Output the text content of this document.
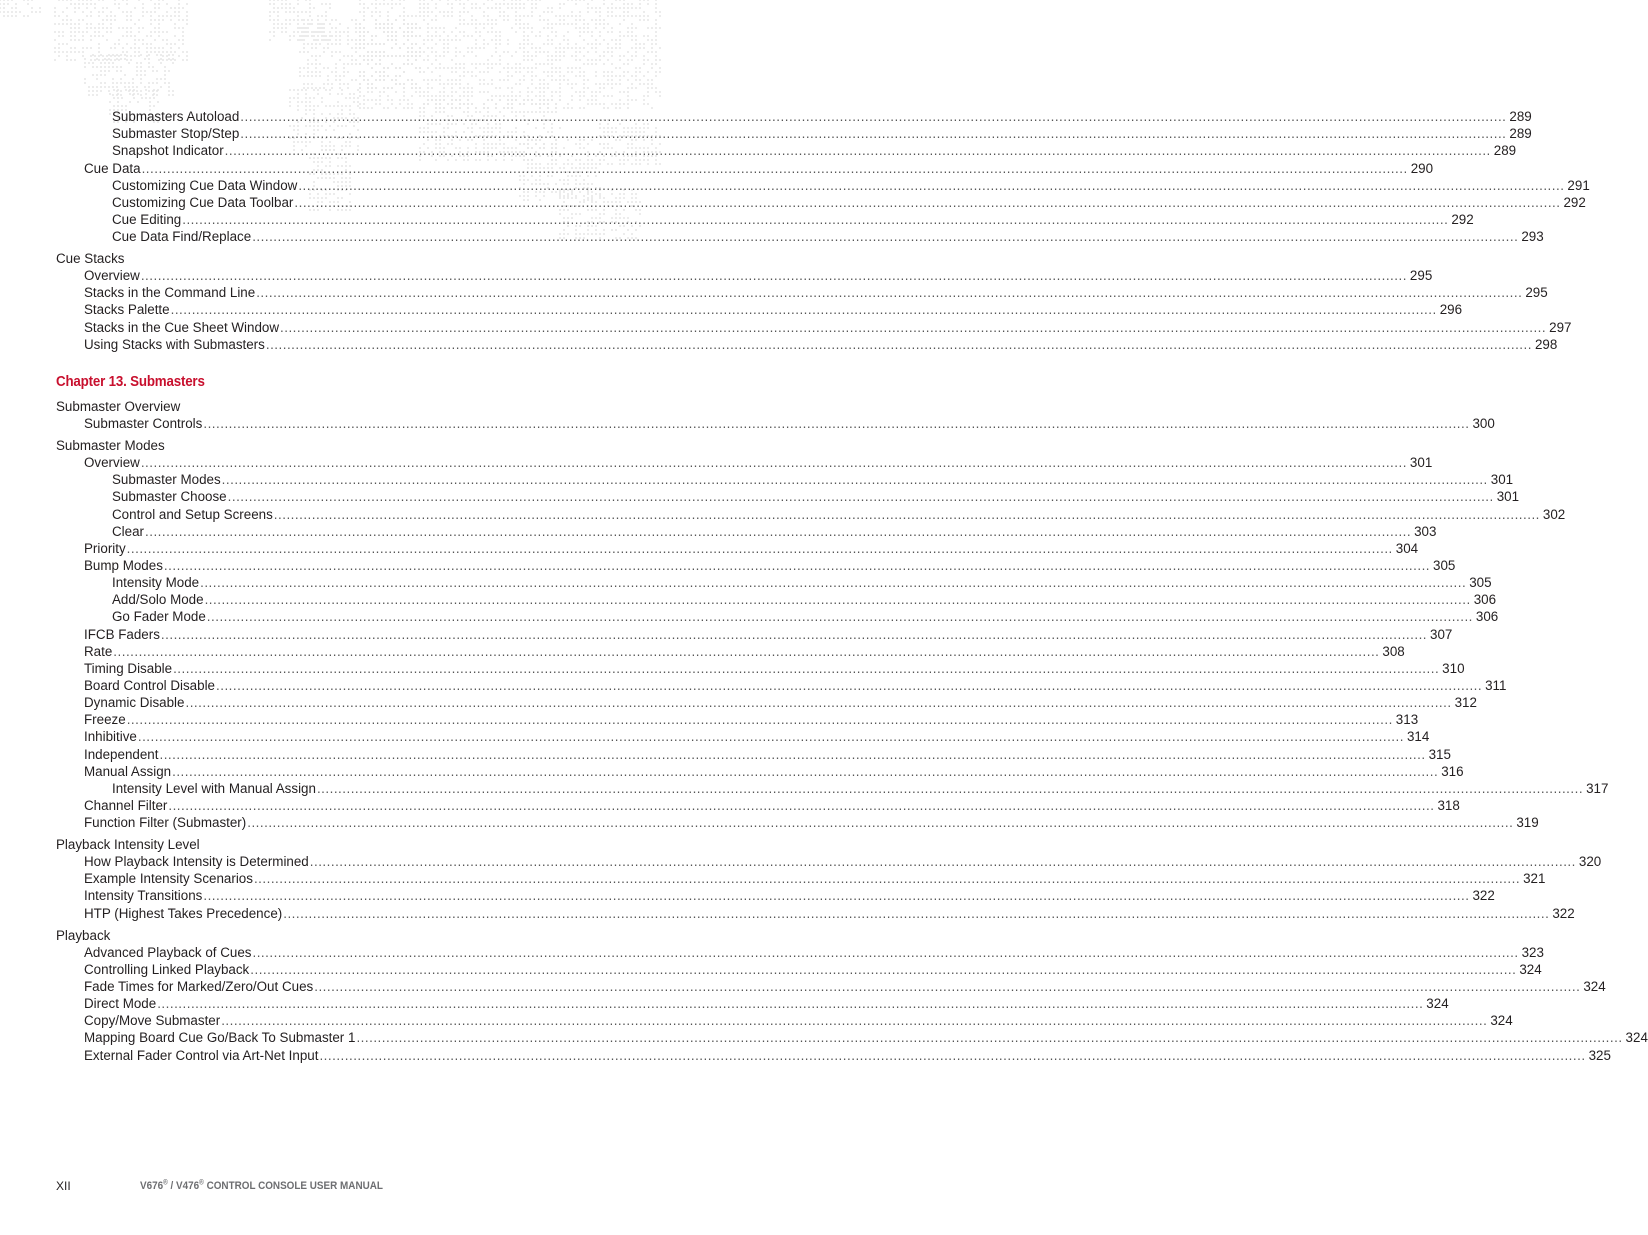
Submasters Autoload ............................................................................................................................................................................................................................................................................................................ 289
Submaster Stop/Step ............................................................................................................................................................................................................................................................................................................ 289
Snapshot Indicator ............................................................................................................................................................................................................................................................................................................ 289
Cue Data ............................................................................................................................................................................................................................................................................................................ 290
Customizing Cue Data Window ............................................................................................................................................................................................................................................................................................................ 291
Customizing Cue Data Toolbar ............................................................................................................................................................................................................................................................................................................ 292
Cue Editing ............................................................................................................................................................................................................................................................................................................ 292
Cue Data Find/Replace ............................................................................................................................................................................................................................................................................................................ 293
Cue Stacks
Overview ............................................................................................................................................................................................................................................................................................................ 295
Stacks in the Command Line ............................................................................................................................................................................................................................................................................................................ 295
Stacks Palette ............................................................................................................................................................................................................................................................................................................ 296
Stacks in the Cue Sheet Window ............................................................................................................................................................................................................................................................................................................ 297
Using Stacks with Submasters ............................................................................................................................................................................................................................................................................................................ 298
Chapter 13. Submasters
Submaster Overview
Submaster Controls ............................................................................................................................................................................................................................................................................................................ 300
Submaster Modes
Overview ............................................................................................................................................................................................................................................................................................................ 301
Submaster Modes ............................................................................................................................................................................................................................................................................................................ 301
Submaster Choose ............................................................................................................................................................................................................................................................................................................ 301
Control and Setup Screens ............................................................................................................................................................................................................................................................................................................ 302
Clear ............................................................................................................................................................................................................................................................................................................ 303
Priority ............................................................................................................................................................................................................................................................................................................ 304
Bump Modes ............................................................................................................................................................................................................................................................................................................ 305
Intensity Mode ............................................................................................................................................................................................................................................................................................................ 305
Add/Solo Mode ............................................................................................................................................................................................................................................................................................................ 306
Go Fader Mode ............................................................................................................................................................................................................................................................................................................ 306
IFCB Faders ............................................................................................................................................................................................................................................................................................................ 307
Rate ............................................................................................................................................................................................................................................................................................................ 308
Timing Disable ............................................................................................................................................................................................................................................................................................................ 310
Board Control Disable ............................................................................................................................................................................................................................................................................................................ 311
Dynamic Disable ............................................................................................................................................................................................................................................................................................................ 312
Freeze ............................................................................................................................................................................................................................................................................................................ 313
Inhibitive ............................................................................................................................................................................................................................................................................................................ 314
Independent ............................................................................................................................................................................................................................................................................................................ 315
Manual Assign ............................................................................................................................................................................................................................................................................................................ 316
Intensity Level with Manual Assign ............................................................................................................................................................................................................................................................................................................ 317
Channel Filter ............................................................................................................................................................................................................................................................................................................ 318
Function Filter (Submaster) ............................................................................................................................................................................................................................................................................................................ 319
Playback Intensity Level
How Playback Intensity is Determined ............................................................................................................................................................................................................................................................................................................ 320
Example Intensity Scenarios ............................................................................................................................................................................................................................................................................................................ 321
Intensity Transitions ............................................................................................................................................................................................................................................................................................................ 322
HTP (Highest Takes Precedence) ............................................................................................................................................................................................................................................................................................................ 322
Playback
Advanced Playback of Cues ............................................................................................................................................................................................................................................................................................................ 323
Controlling Linked Playback ............................................................................................................................................................................................................................................................................................................ 324
Fade Times for Marked/Zero/Out Cues ............................................................................................................................................................................................................................................................................................................ 324
Direct Mode ............................................................................................................................................................................................................................................................................................................ 324
Copy/Move Submaster ............................................................................................................................................................................................................................................................................................................ 324
Mapping Board Cue Go/Back To Submaster 1 ............................................................................................................................................................................................................................................................................................................ 324
External Fader Control via Art-Net Input ............................................................................................................................................................................................................................................................................................................ 325
XII	V676® / V476® CONTROL CONSOLE USER MANUAL
